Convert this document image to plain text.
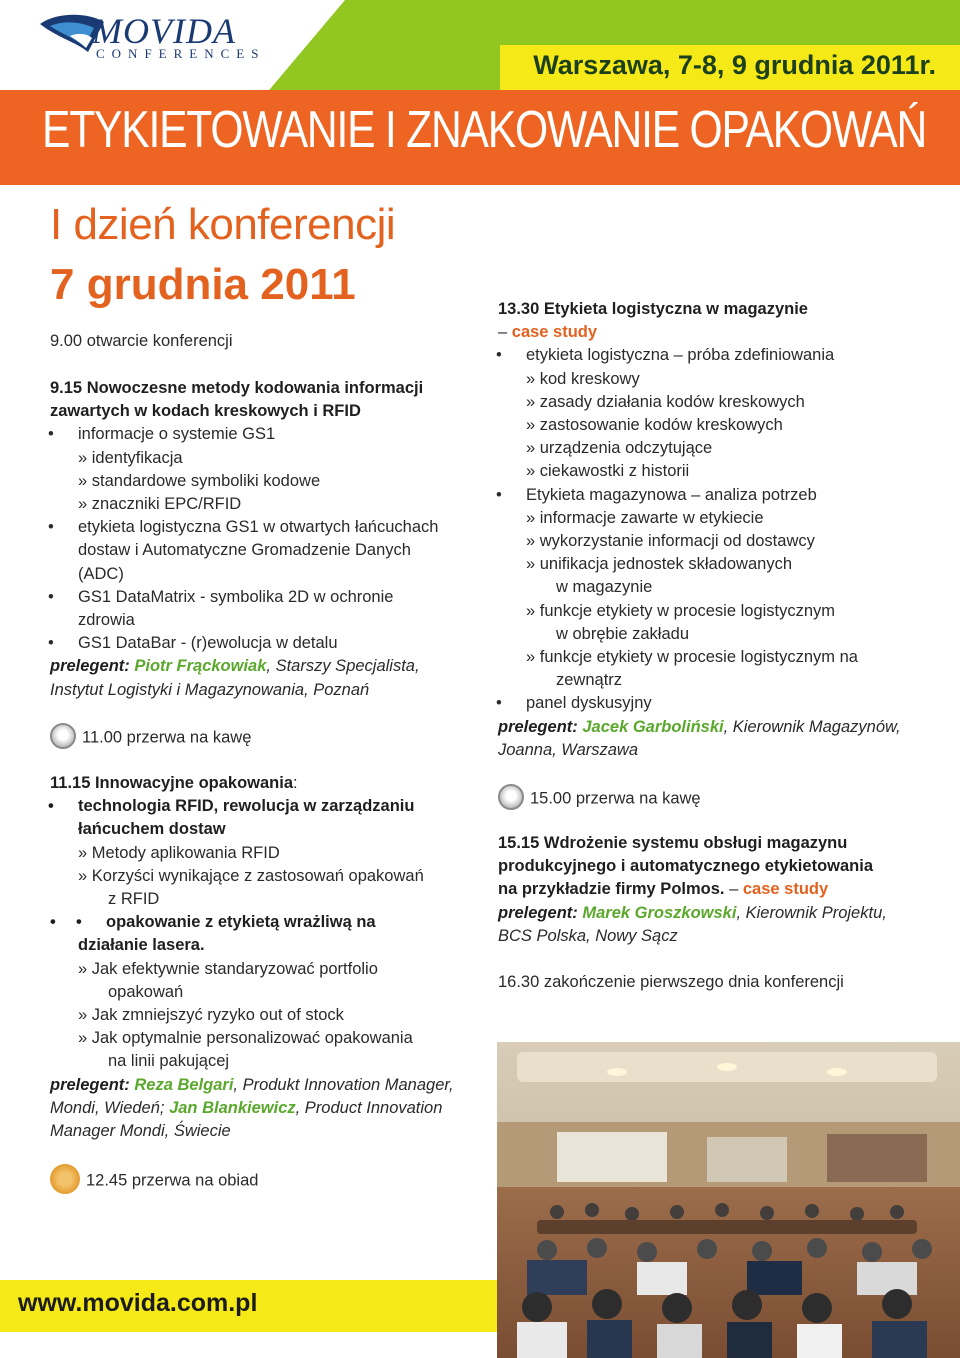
MOVIDA
CONFERENCES	Warszawa, 7-8, 9 grudnia 2011r.
ETYKIETOWANIE I ZNAKOWANIE OPAKOWAŃ
I dzień konferencji
7 grudnia 2011
9.00 otwarcie konferencji
9.15 Nowoczesne metody kodowania informacji
zawartych w kodach kreskowych i RFID
• informacje o systemie GS1
» identyfikacja
» standardowe symboliki kodowe
» znaczniki EPC/RFID
• etykieta logistyczna GS1 w otwartych łańcuchach
dostaw i Automatyczne Gromadzenie Danych
(ADC)
• GS1 DataMatrix - symbolika 2D w ochronie
zdrowia
• GS1 DataBar - (r)ewolucja w detalu
prelegent: Piotr Frąckowiak, Starszy Specjalista,
Instytut Logistyki i Magazynowania, Poznań
11.00 przerwa na kawę
11.15 Innowacyjne opakowania:
• technologia RFID, rewolucja w zarządzaniu
łańcuchem dostaw
» Metody aplikowania RFID
» Korzyści wynikające z zastosowań opakowań
z RFID
••	opakowanie z etykietą wrażliwą na
działanie lasera.
» Jak efektywnie standaryzować portfolio
opakowań
» Jak zmniejszyć ryzyko out of stock
» Jak optymalnie personalizować opakowania
na linii pakującej
prelegent: Reza Belgari, Produkt Innovation Manager,
Mondi, Wiedeń; Jan Blankiewicz, Product Innovation
Manager Mondi, Świecie
12.45 przerwa na obiad
13.30 Etykieta logistyczna w magazynie
– case study
• etykieta logistyczna – próba zdefiniowania
» kod kreskowy
» zasady działania kodów kreskowych
» zastosowanie kodów kreskowych
» urządzenia odczytujące
» ciekawostki z historii
• Etykieta magazynowa – analiza potrzeb
» informacje zawarte w etykiecie
» wykorzystanie informacji od dostawcy
» unifikacja jednostek składowanych
w magazynie
» funkcje etykiety w procesie logistycznym
w obrębie zakładu
» funkcje etykiety w procesie logistycznym na
zewnątrz
• panel dyskusyjny
prelegent: Jacek Garboliński, Kierownik Magazynów,
Joanna, Warszawa
15.00 przerwa na kawę
15.15 Wdrożenie systemu obsługi magazynu
produkcyjnego i automatycznego etykietowania
na przykładzie firmy Polmos. – case study
prelegent: Marek Groszkowski, Kierownik Projektu,
BCS Polska, Nowy Sącz
16.30 zakończenie pierwszego dnia konferencji
www.movida.com.pl
